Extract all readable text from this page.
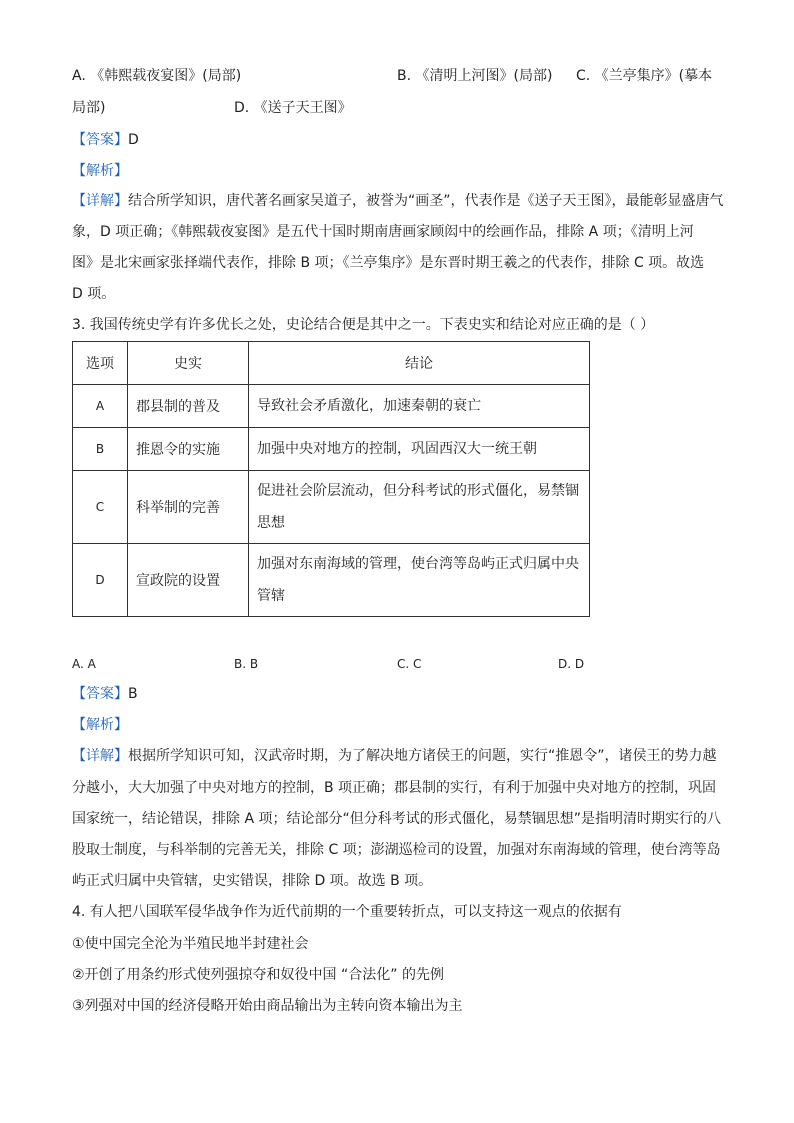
A. 《韩熙载夜宴图》(局部)	B. 《清明上河图》(局部) C. 《兰亭集序》(摹本
局部)	D. 《送子天王图》
【答案】D
【解析】
【详解】结合所学知识，唐代著名画家吴道子，被誉为“画圣”，代表作是《送子天王图》，最能彰显盛唐气
象，D 项正确；《韩熙载夜宴图》是五代十国时期南唐画家顾闳中的绘画作品，排除 A 项；《清明上河
图》是北宋画家张择端代表作，排除 B 项；《兰亭集序》是东晋时期王羲之的代表作，排除 C 项。故选
D 项。
3. 我国传统史学有许多优长之处，史论结合便是其中之一。下表史实和结论对应正确的是（ ）
选项	史实	结论
A	郡县制的普及	导致社会矛盾激化，加速秦朝的衰亡
B	推恩令的实施	加强中央对地方的控制，巩固西汉大一统王朝
C	科举制的完善	促进社会阶层流动，但分科考试的形式僵化，易禁锢思想
D	宣政院的设置	加强对东南海域的管理，使台湾等岛屿正式归属中央管辖
A. A	B. B	C. C	D. D
【答案】B
【解析】
【详解】根据所学知识可知，汉武帝时期，为了解决地方诸侯王的问题，实行“推恩令”，诸侯王的势力越
分越小，大大加强了中央对地方的控制，B 项正确；郡县制的实行，有利于加强中央对地方的控制，巩固
国家统一，结论错误，排除 A 项；结论部分“但分科考试的形式僵化，易禁锢思想”是指明清时期实行的八
股取士制度，与科举制的完善无关，排除 C 项；澎湖巡检司的设置，加强对东南海域的管理，使台湾等岛
屿正式归属中央管辖，史实错误，排除 D 项。故选 B 项。
4. 有人把八国联军侵华战争作为近代前期的一个重要转折点，可以支持这一观点的依据有
①使中国完全沦为半殖民地半封建社会
②开创了用条约形式使列强掠夺和奴役中国 “合法化” 的先例
③列强对中国的经济侵略开始由商品输出为主转向资本输出为主
